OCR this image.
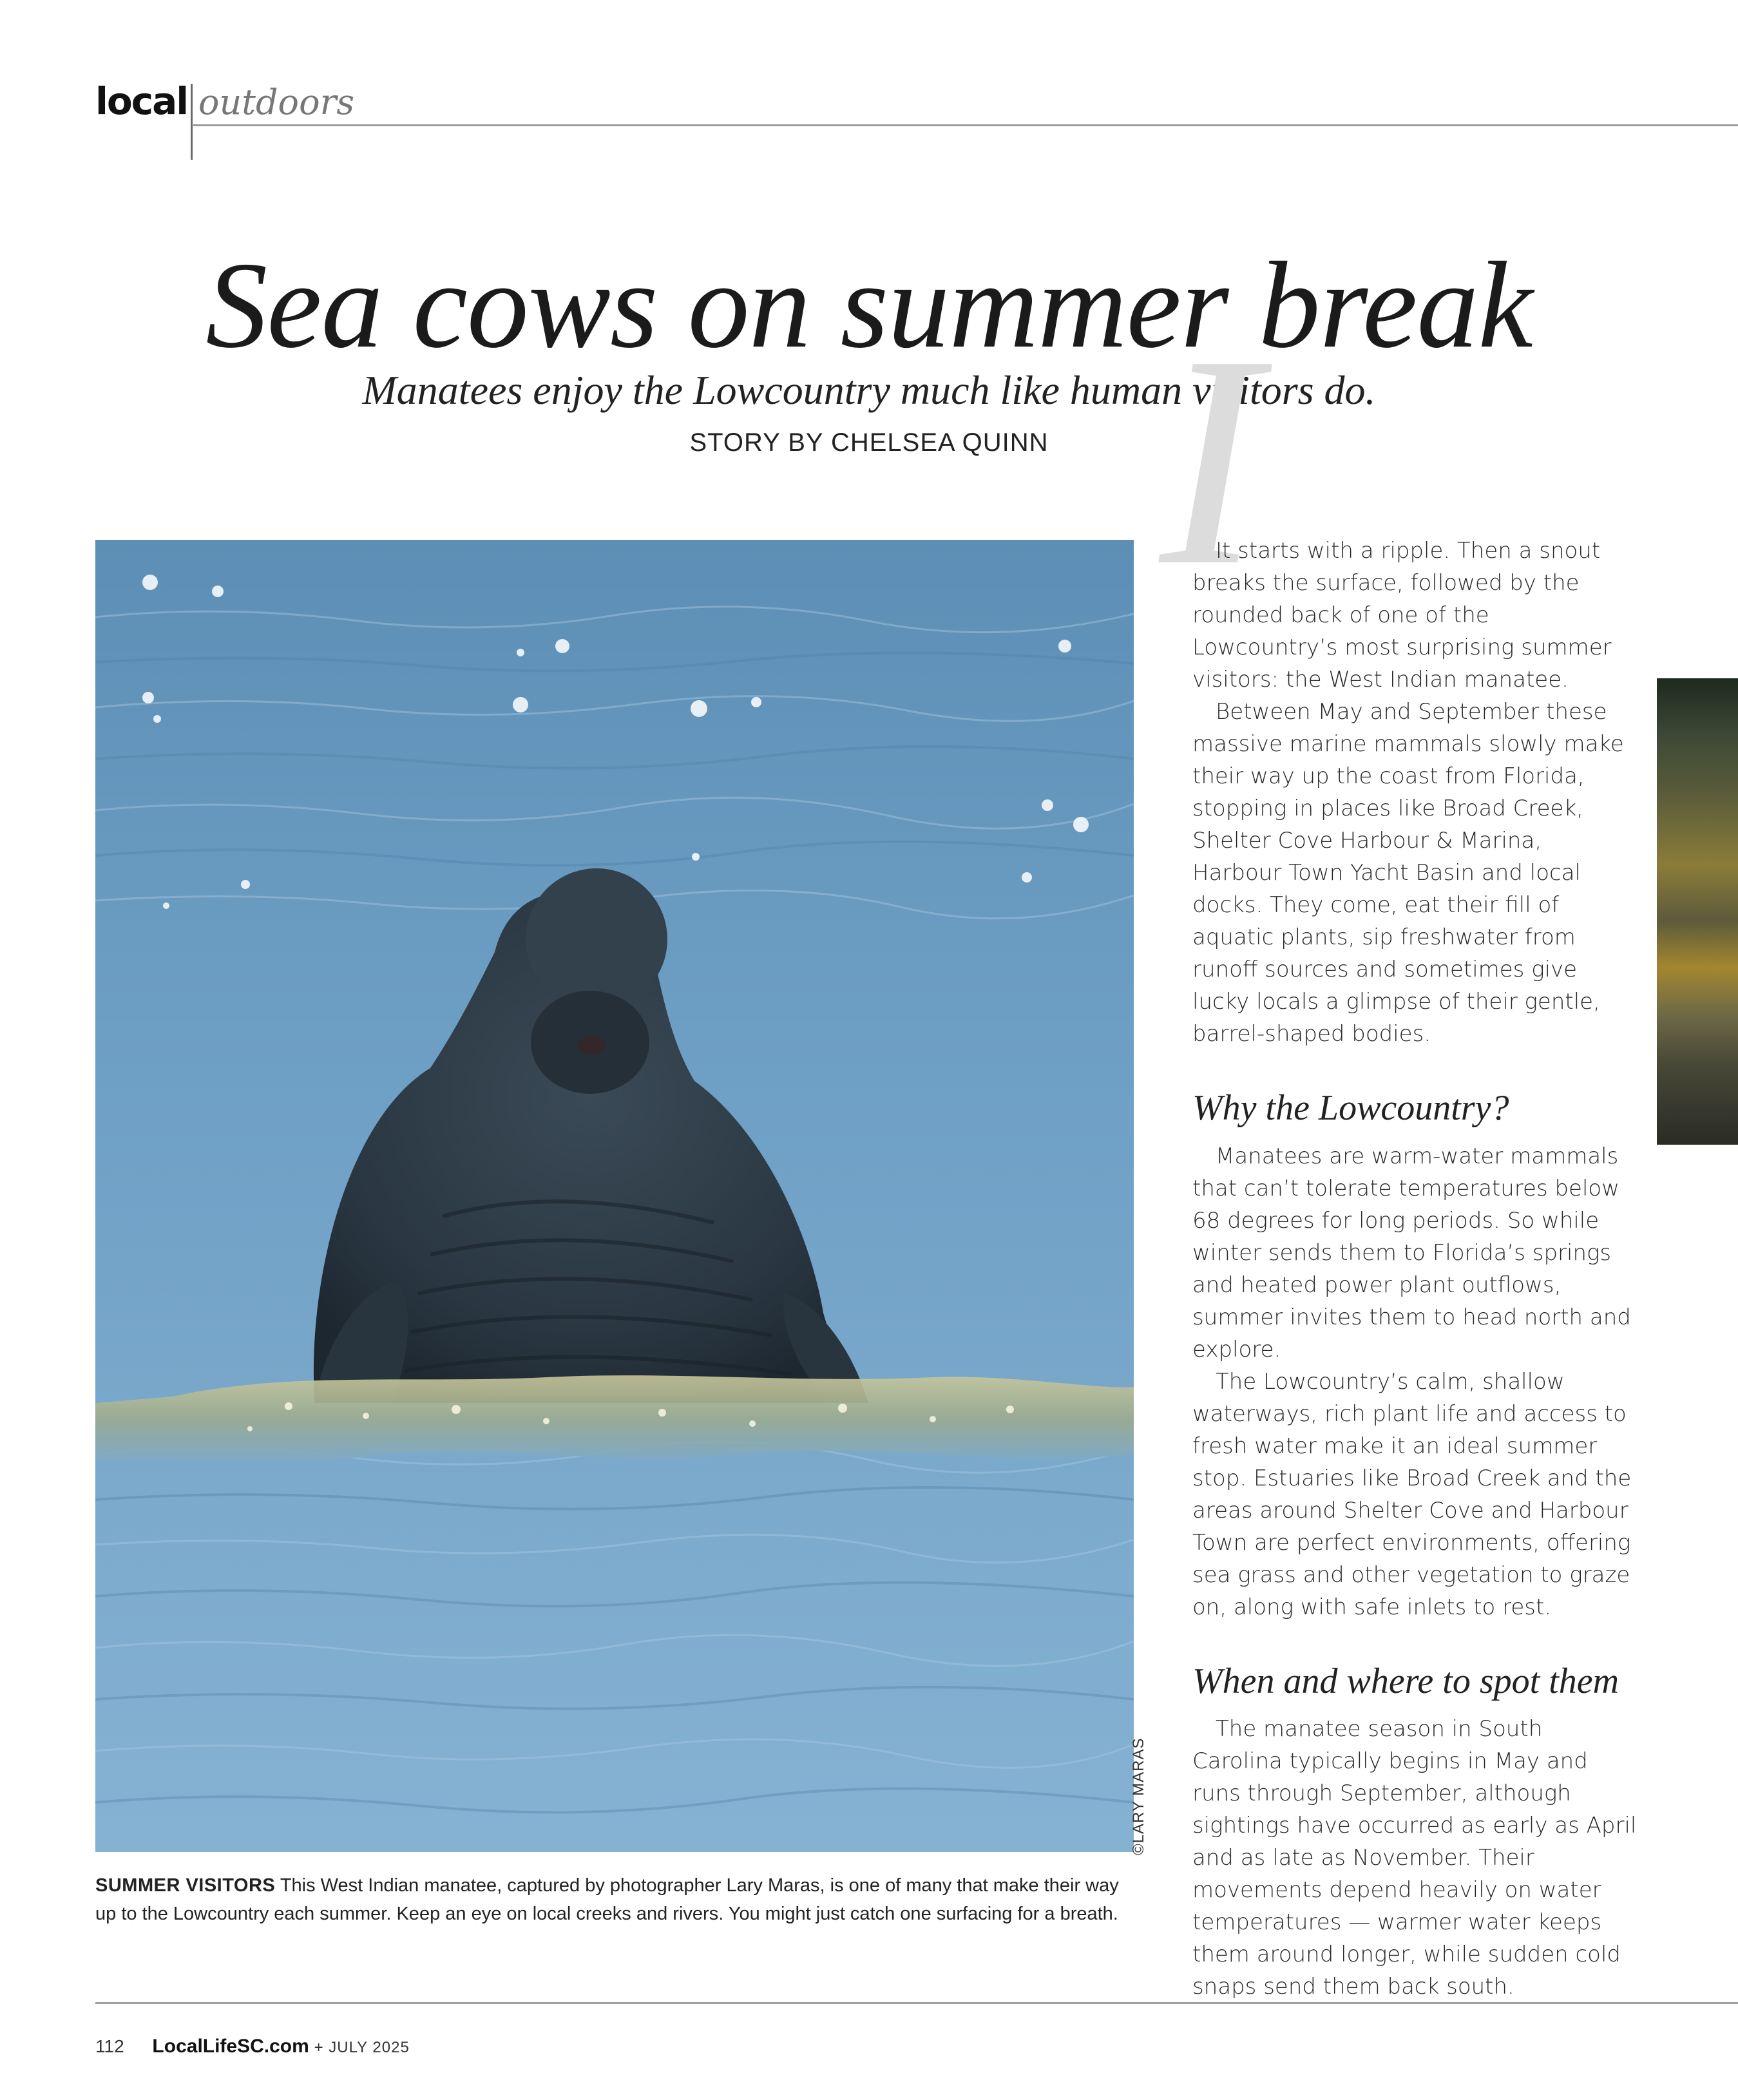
local outdoors
Sea cows on summer break
Manatees enjoy the Lowcountry much like human visitors do.
STORY BY CHELSEA QUINN
©LARY MARAS
SUMMER VISITORS This West Indian manatee, captured by photographer Lary Maras, is one of many that make their way up to the Lowcountry each summer. Keep an eye on local creeks and rivers. You might just catch one surfacing for a breath.
I

It starts with a ripple. Then a snout breaks the surface, followed by the rounded back of one of the Lowcountry’s most surprising summer visitors: the West Indian manatee.

Between May and September these massive marine mammals slowly make their way up the coast from Florida, stopping in places like Broad Creek, Shelter Cove Harbour & Marina, Harbour Town Yacht Basin and local docks. They come, eat their fill of aquatic plants, sip freshwater from runoff sources and sometimes give lucky locals a glimpse of their gentle, barrel-shaped bodies.

Why the Lowcountry?

Manatees are warm-water mammals that can’t tolerate temperatures below 68 degrees for long periods. So while winter sends them to Florida’s springs and heated power plant outflows, summer invites them to head north and explore.

The Lowcountry’s calm, shallow waterways, rich plant life and access to fresh water make it an ideal summer stop. Estuaries like Broad Creek and the areas around Shelter Cove and Harbour Town are perfect environments, offering sea grass and other vegetation to graze on, along with safe inlets to rest.

When and where to spot them

The manatee season in South Carolina typically begins in May and runs through September, although sightings have occurred as early as April and as late as November. Their movements depend heavily on water temperatures — warmer water keeps them around longer, while sudden cold snaps send them back south.

112 LocalLifeSC.com + JULY 2025
